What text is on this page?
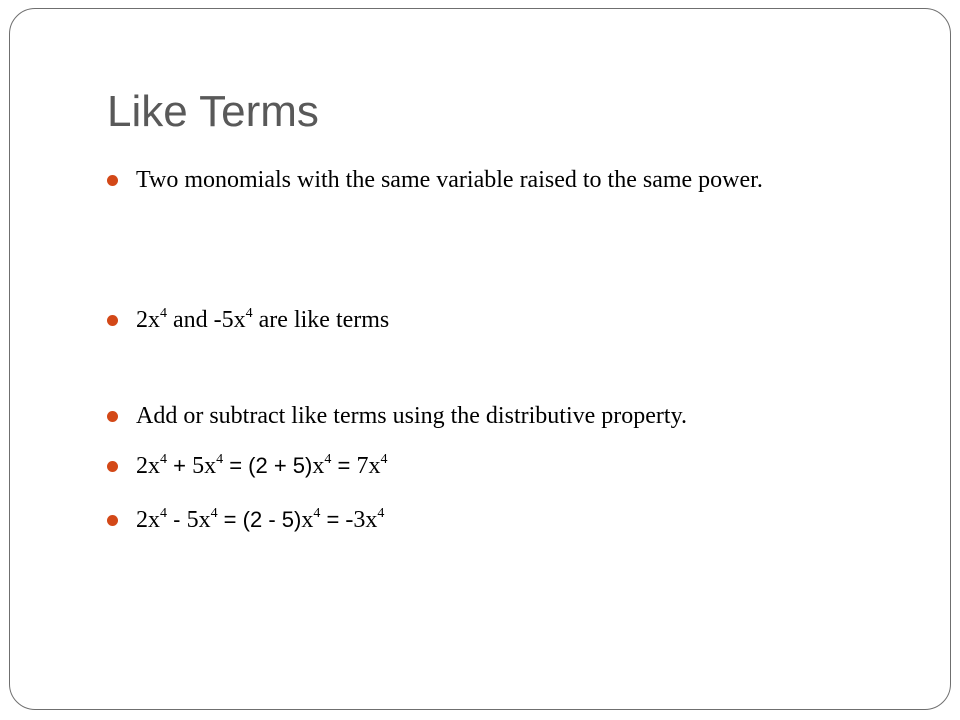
Like Terms
Two monomials with the same variable raised to the same power.
$2x^4$ and $-5x^4$ are like terms
Add or subtract like terms using the distributive property.
$2x^4 + 5x^4 = (2 + 5)x^4 = 7x^4$
$2x^4 - 5x^4 = (2 - 5)x^4 = -3x^4$
